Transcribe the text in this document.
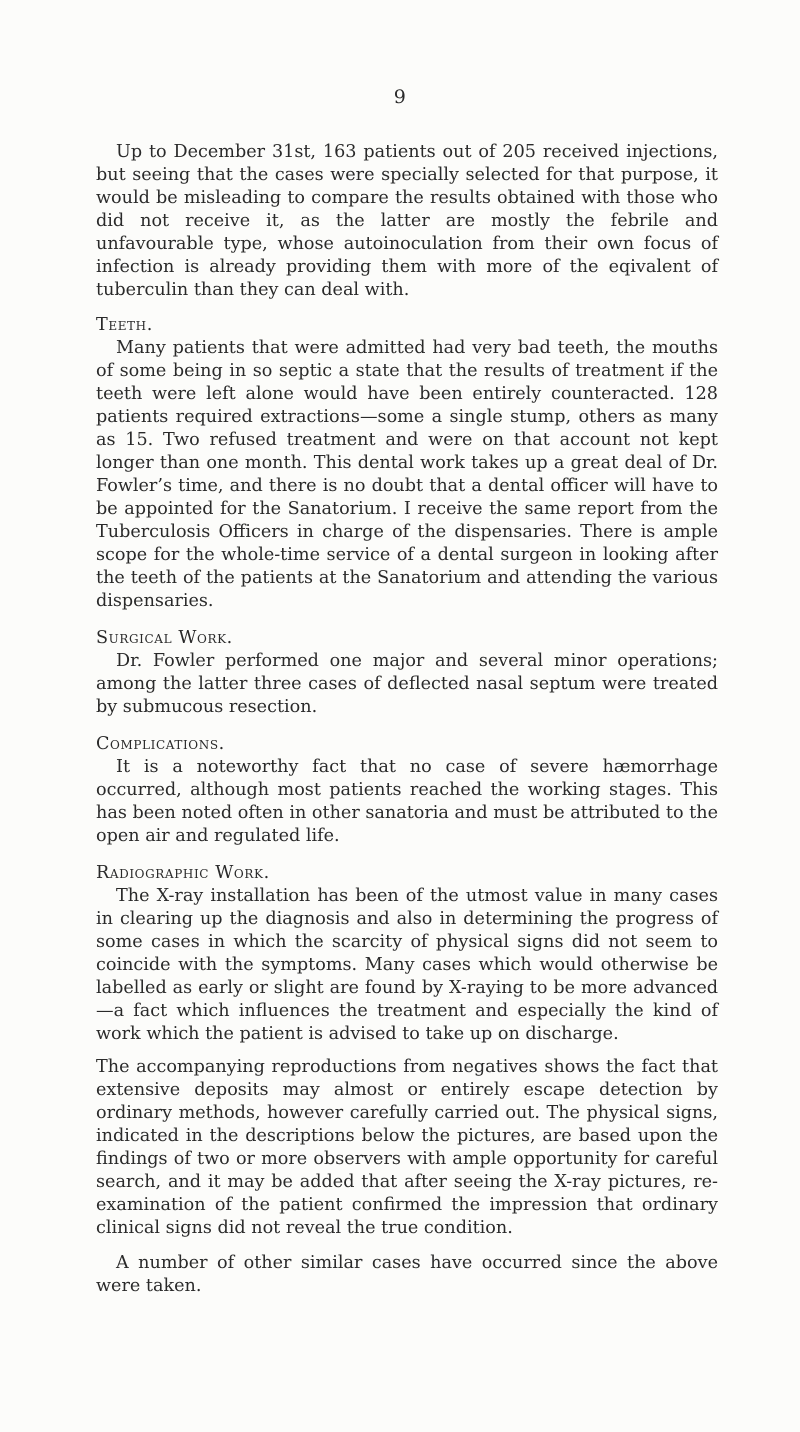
9

Up to December 31st, 163 patients out of 205 received injections, but seeing that the cases were specially selected for that purpose, it would be misleading to compare the results obtained with those who did not receive it, as the latter are mostly the febrile and unfavourable type, whose autoinoculation from their own focus of infection is already providing them with more of the eqivalent of tuberculin than they can deal with.

Teeth.

Many patients that were admitted had very bad teeth, the mouths of some being in so septic a state that the results of treatment if the teeth were left alone would have been entirely counteracted. 128 patients required extractions—some a single stump, others as many as 15. Two refused treatment and were on that account not kept longer than one month. This dental work takes up a great deal of Dr. Fowler’s time, and there is no doubt that a dental officer will have to be appointed for the Sanatorium. I receive the same report from the Tuberculosis Officers in charge of the dispensaries. There is ample scope for the whole-time service of a dental surgeon in looking after the teeth of the patients at the Sanatorium and attending the various dispensaries.

Surgical Work.

Dr. Fowler performed one major and several minor operations; among the latter three cases of deflected nasal septum were treated by submucous resection.

Complications.

It is a noteworthy fact that no case of severe hæmorrhage occurred, although most patients reached the working stages. This has been noted often in other sanatoria and must be attributed to the open air and regulated life.

Radiographic Work.

The X-ray installation has been of the utmost value in many cases in clearing up the diagnosis and also in determining the progress of some cases in which the scarcity of physical signs did not seem to coincide with the symptoms. Many cases which would otherwise be labelled as early or slight are found by X-raying to be more advanced—a fact which influences the treatment and especially the kind of work which the patient is advised to take up on discharge.

The accompanying reproductions from negatives shows the fact that extensive deposits may almost or entirely escape detection by ordinary methods, however carefully carried out. The physical signs, indicated in the descriptions below the pictures, are based upon the findings of two or more observers with ample opportunity for careful search, and it may be added that after seeing the X-ray pictures, re-examination of the patient confirmed the impression that ordinary clinical signs did not reveal the true condition.

A number of other similar cases have occurred since the above were taken.
